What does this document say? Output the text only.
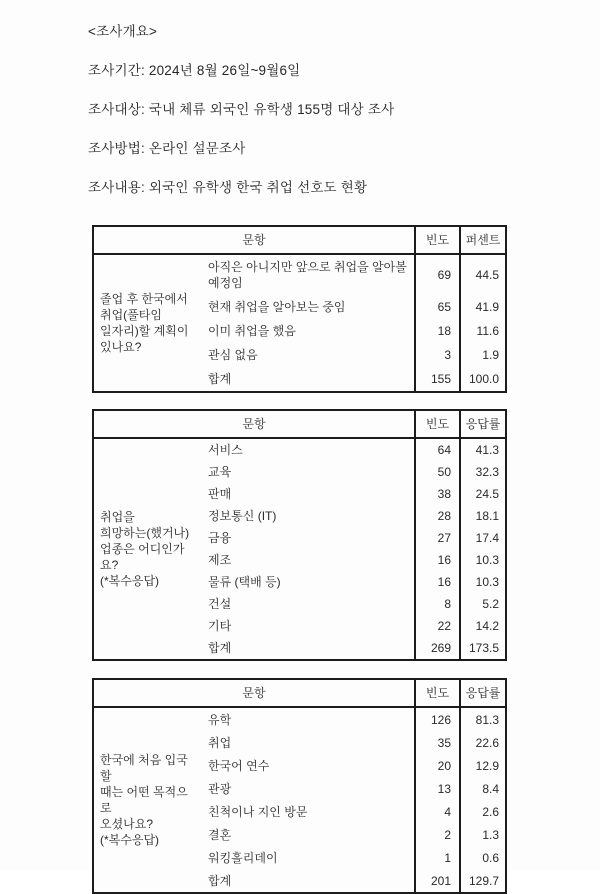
<조사개요>

조사기간: 2024년 8월 26일~9월6일

조사대상: 국내 체류 외국인 유학생 155명 대상 조사

조사방법: 온라인 설문조사

조사내용: 외국인 유학생 한국 취업 선호도 현황

문항		빈도	퍼센트
졸업 후 한국에서
취업(풀타임
일자리)할 계획이
있나요?	아직은 아니지만 앞으로 취업을 알아볼 예정임	69	44.5
	현재 취업을 알아보는 중임	65	41.9
	이미 취업을 했음	18	11.6
	관심 없음	3	1.9
	합계	155	100.0
문항		빈도	응답률
취업을
희망하는(했거나)
업종은 어디인가요?
(*복수응답)	서비스	64	41.3
	교육	50	32.3
	판매	38	24.5
	정보통신 (IT)	28	18.1
	금융	27	17.4
	제조	16	10.3
	물류 (택배 등)	16	10.3
	건설	8	5.2
	기타	22	14.2
	합계	269	173.5
문항		빈도	응답률
한국에 처음 입국할
때는 어떤 목적으로
오셨나요?
(*복수응답)	유학	126	81.3
	취업	35	22.6
	한국어 연수	20	12.9
	관광	13	8.4
	친척이나 지인 방문	4	2.6
	결혼	2	1.3
	워킹홀리데이	1	0.6
	합계	201	129.7
